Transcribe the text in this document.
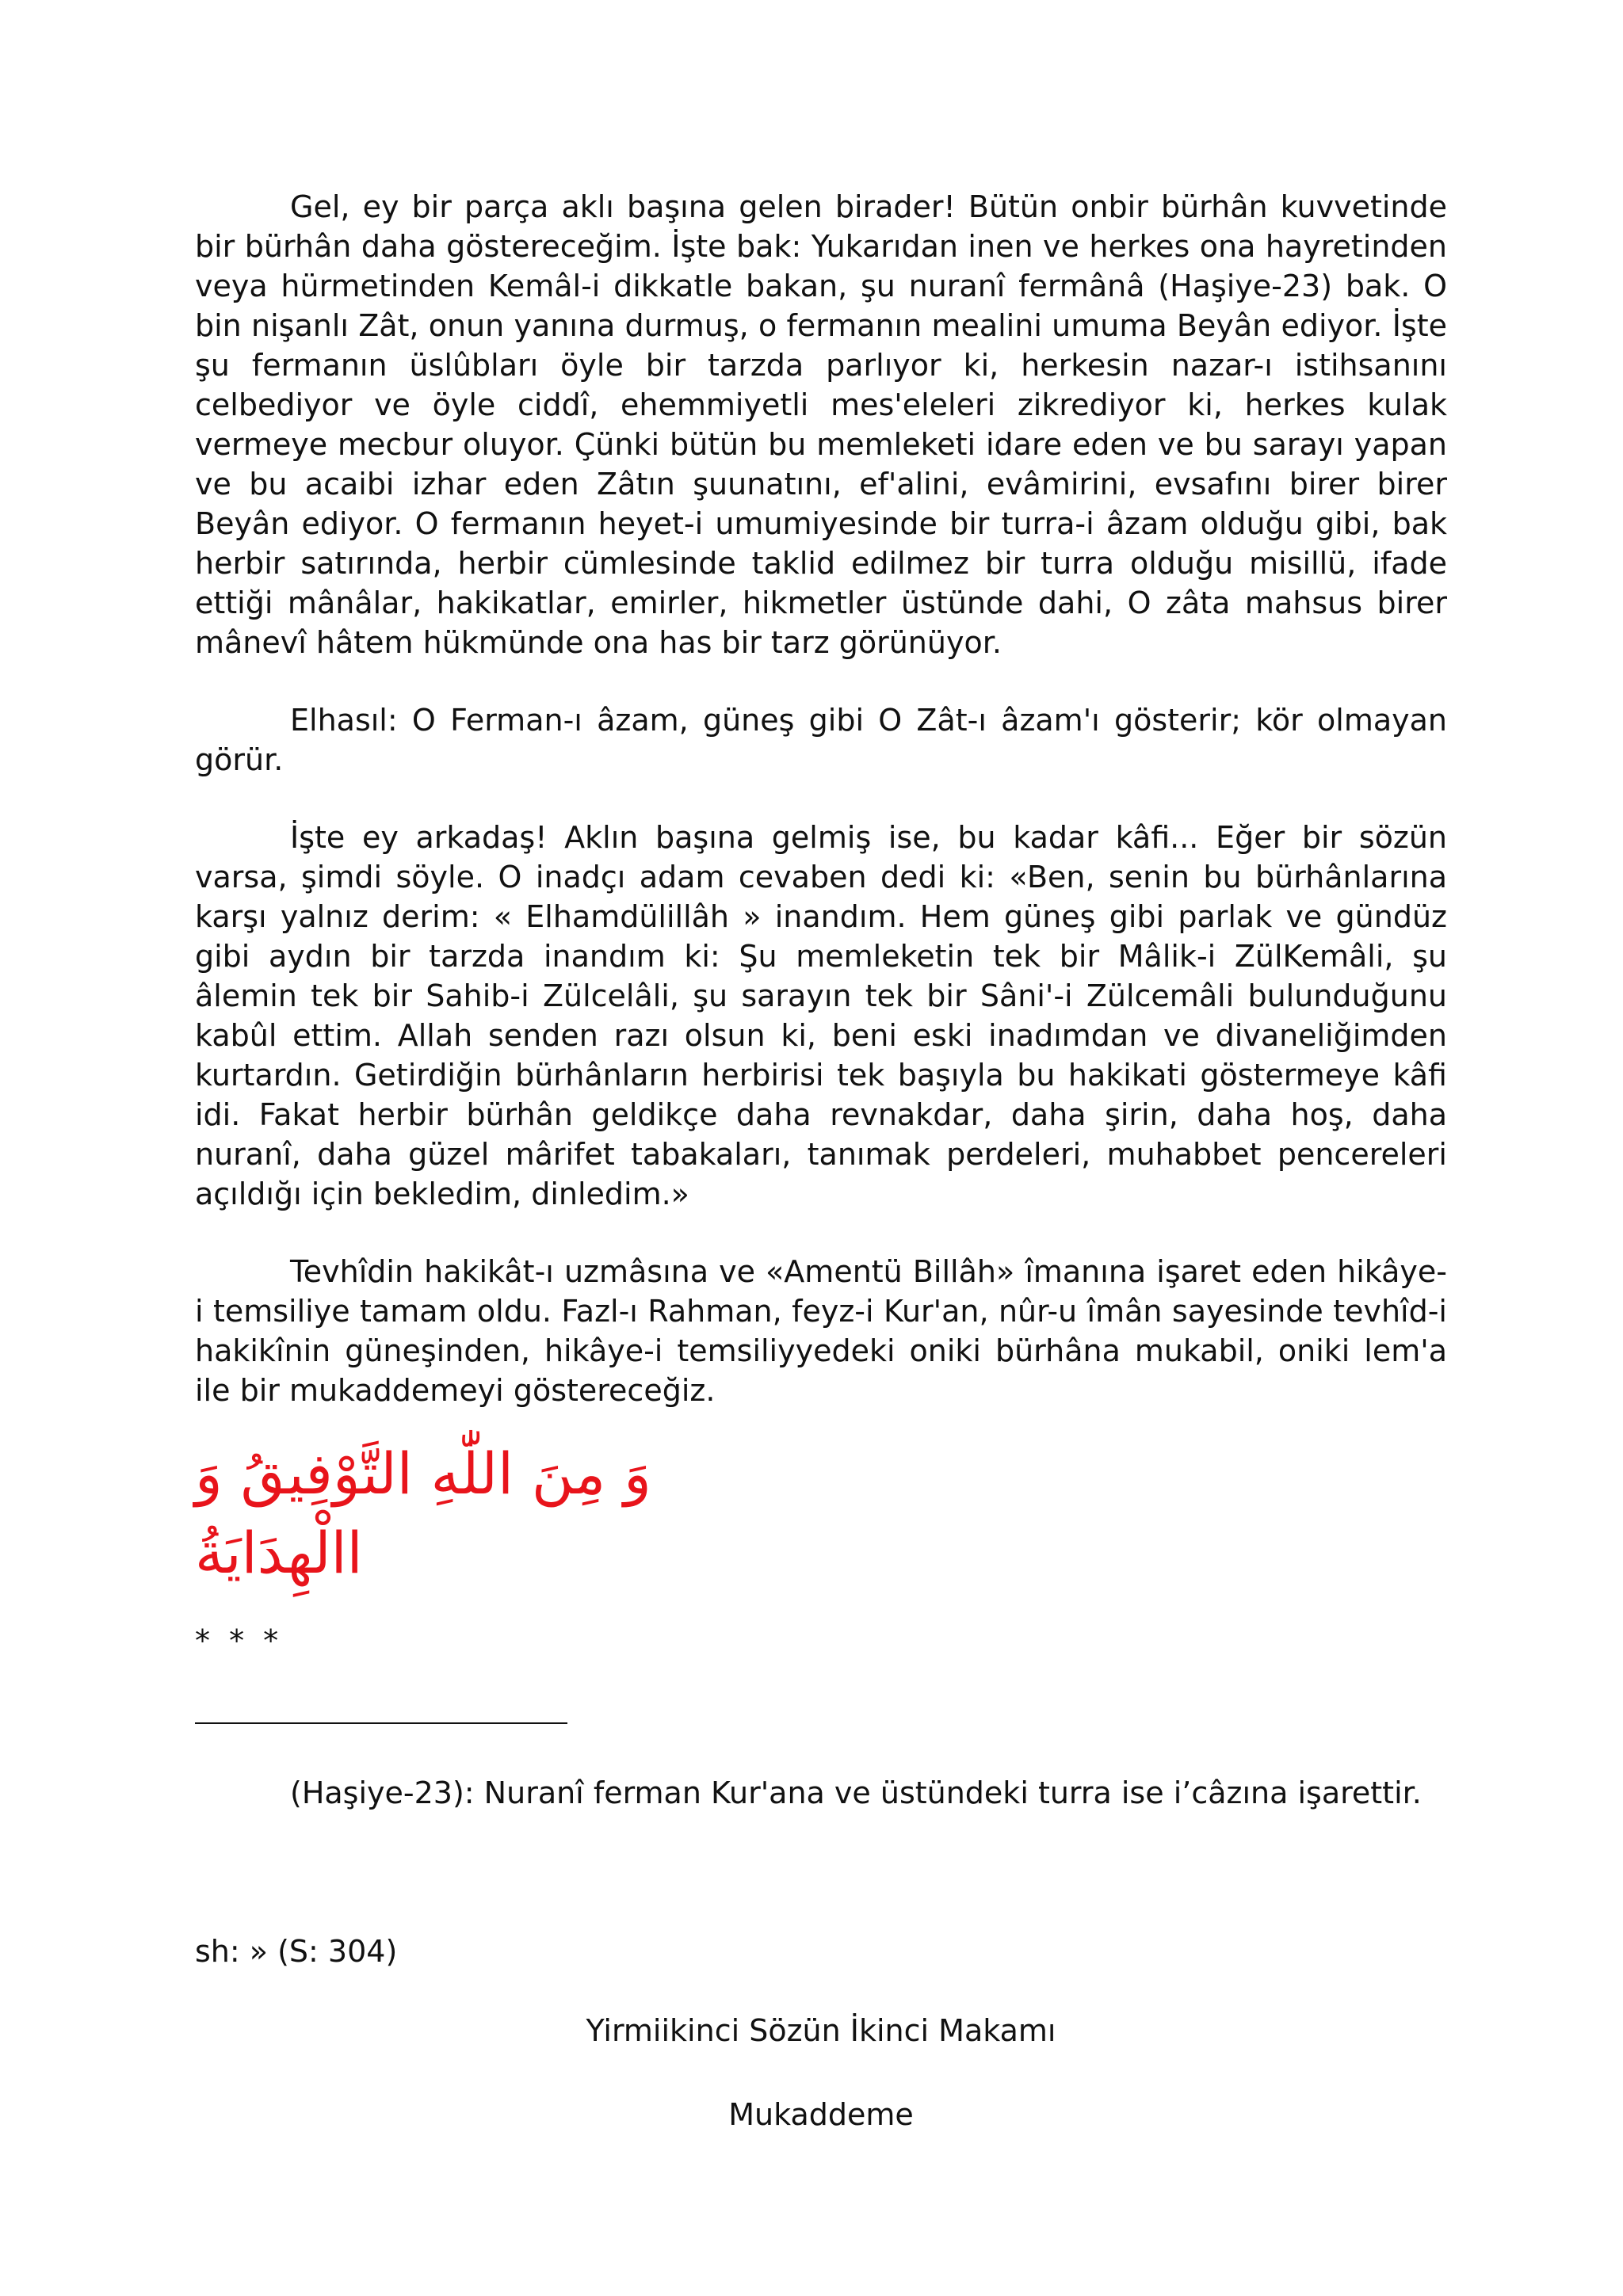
Gel, ey bir parça aklı başına gelen birader! Bütün onbir bürhân kuvvetinde bir bürhân daha göstereceğim. İşte bak: Yukarıdan inen ve herkes ona hayretinden veya hürmetinden Kemâl-i dikkatle bakan, şu nuranî fermânâ (Haşiye-23) bak. O bin nişanlı Zât, onun yanına durmuş, o fermanın mealini umuma Beyân ediyor. İşte şu fermanın üslûbları öyle bir tarzda parlıyor ki, herkesin nazar-ı istihsanını celbediyor ve öyle ciddî, ehemmiyetli mes'eleleri zikrediyor ki, herkes kulak vermeye mecbur oluyor. Çünki bütün bu memleketi idare eden ve bu sarayı yapan ve bu acaibi izhar eden Zâtın şuunatını, ef'alini, evâmirini, evsafını birer birer Beyân ediyor. O fermanın heyet-i umumiyesinde bir turra-i âzam olduğu gibi, bak herbir satırında, herbir cümlesinde taklid edilmez bir turra olduğu misillü, ifade ettiği mânâlar, hakikatlar, emirler, hikmetler üstünde dahi, O zâta mahsus birer mânevî hâtem hükmünde ona has bir tarz görünüyor.

Elhasıl: O Ferman-ı âzam, güneş gibi O Zât-ı âzam'ı gösterir; kör olmayan görür.

İşte ey arkadaş! Aklın başına gelmiş ise, bu kadar kâfi... Eğer bir sözün varsa, şimdi söyle. O inadçı adam cevaben dedi ki: «Ben, senin bu bürhânlarına karşı yalnız derim: « Elhamdülillâh » inandım. Hem güneş gibi parlak ve gündüz gibi aydın bir tarzda inandım ki: Şu memleketin tek bir Mâlik-i ZülKemâli, şu âlemin tek bir Sahib-i Zülcelâli, şu sarayın tek bir Sâni'-i Zülcemâli bulunduğunu kabûl ettim. Allah senden razı olsun ki, beni eski inadımdan ve divaneliğimden kurtardın. Getirdiğin bürhânların herbirisi tek başıyla bu hakikati göstermeye kâfi idi. Fakat herbir bürhân geldikçe daha revnakdar, daha şirin, daha hoş, daha nuranî, daha güzel mârifet tabakaları, tanımak perdeleri, muhabbet pencereleri açıldığı için bekledim, dinledim.»

Tevhîdin hakikât-ı uzmâsına ve «Amentü Billâh» îmanına işaret eden hikâye-i temsiliye tamam oldu. Fazl-ı Rahman, feyz-i Kur'an, nûr-u îmân sayesinde tevhîd-i hakikînin güneşinden, hikâye-i temsiliyyedeki oniki bürhâna mukabil, oniki lem'a ile bir mukaddemeyi göstereceğiz.

وَ مِنَ اللّٰهِ التَّوْفِيقُ وَ االْهِدَايَةُ
* * *
(Haşiye-23): Nuranî ferman Kur'ana ve üstündeki turra ise i’câzına işarettir.
sh: » (S: 304)
Yirmiikinci Sözün İkinci Makamı
Mukaddeme
